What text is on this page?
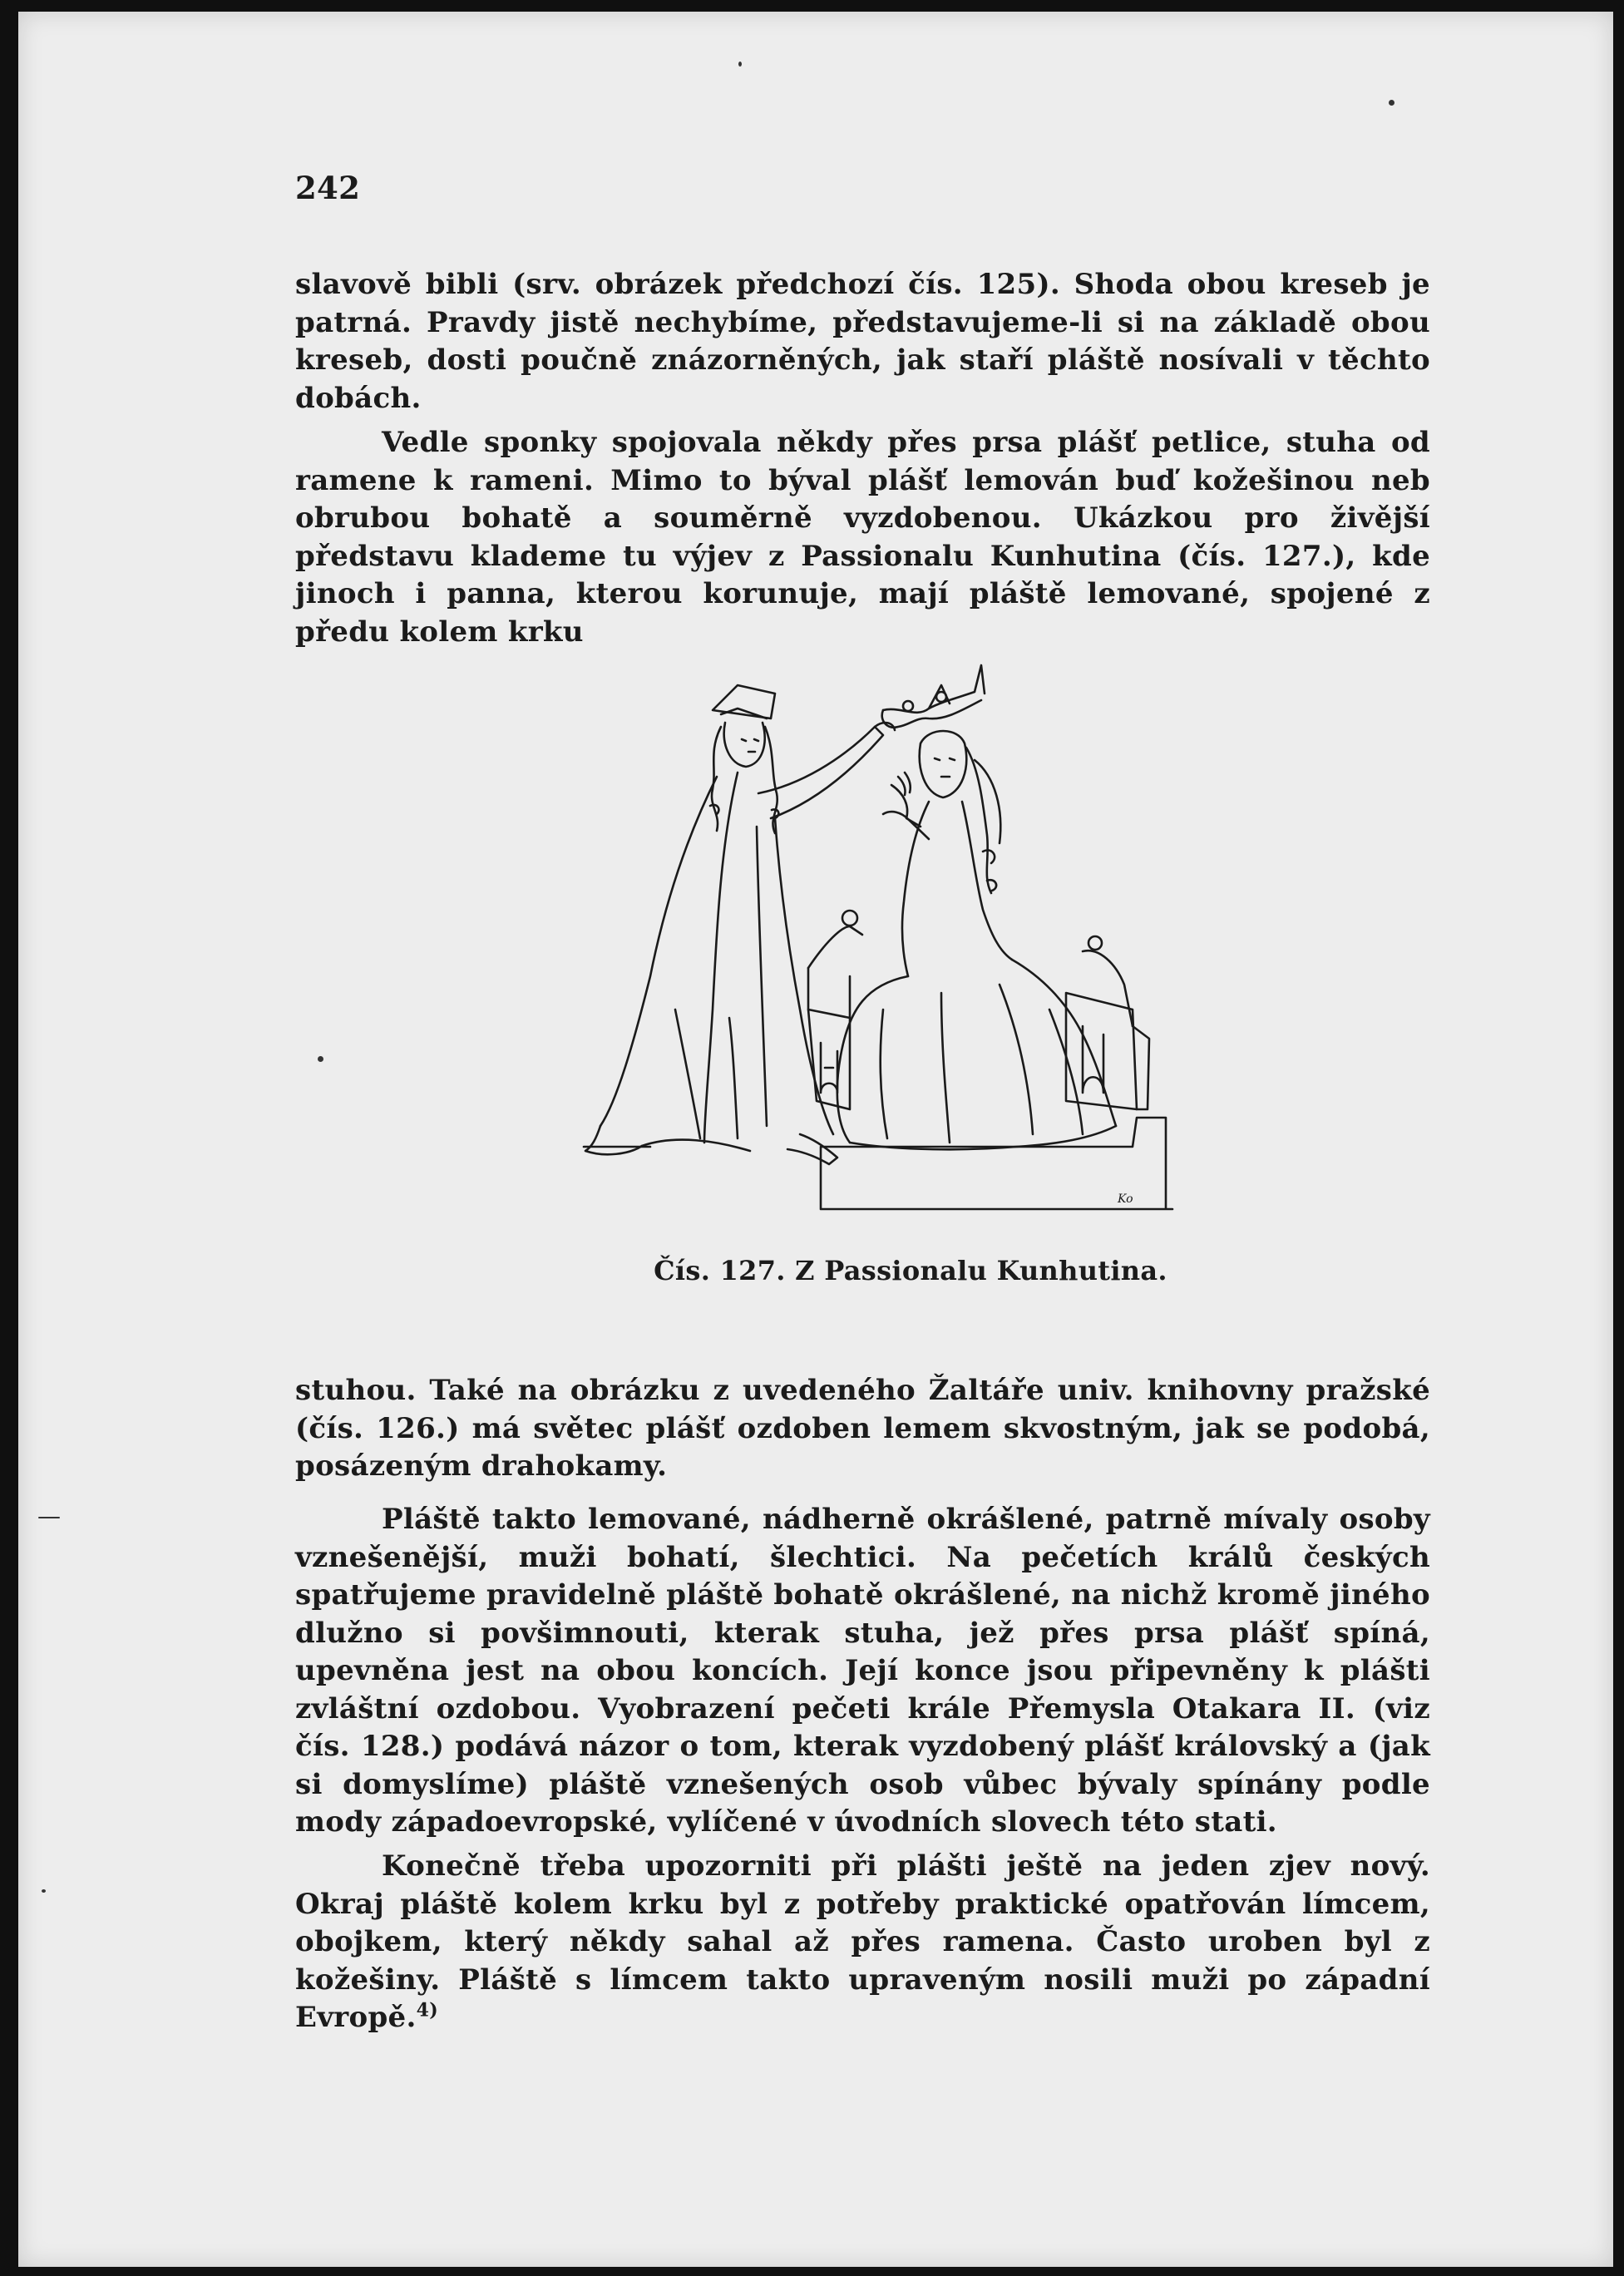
242

slavově bibli (srv. obrázek předchozí čís. 125). Shoda obou kreseb je patrná. Pravdy jistě nechybíme, představujeme-li si na základě obou kreseb, dosti poučně znázorněných, jak staří pláště nosívali v těchto dobách.

Vedle sponky spojovala někdy přes prsa plášť petlice, stuha od ramene k rameni. Mimo to býval plášť lemován buď kožešinou neb obrubou bohatě a souměrně vyzdobenou. Ukázkou pro živější představu klademe tu výjev z Passionalu Kunhutina (čís. 127.), kde jinoch i panna, kterou korunuje, mají pláště lemované, spojené z předu kolem krku

Ko
Čís. 127. Z Passionalu Kunhutina.

stuhou. Také na obrázku z uvedeného Žaltáře univ. knihovny pražské (čís. 126.) má světec plášť ozdoben lemem skvostným, jak se podobá, posázeným drahokamy.

Pláště takto lemované, nádherně okrášlené, patrně mívaly osoby vznešenější, muži bohatí, šlechtici. Na pečetích králů českých spatřujeme pravidelně pláště bohatě okrášlené, na nichž kromě jiného dlužno si povšimnouti, kterak stuha, jež přes prsa plášť spíná, upevněna jest na obou koncích. Její konce jsou připevněny k plášti zvláštní ozdobou. Vyobrazení pečeti krále Přemysla Otakara II. (viz čís. 128.) podává názor o tom, kterak vyzdobený plášť královský a (jak si domyslíme) pláště vznešených osob vůbec bývaly spínány podle mody západoevropské, vylíčené v úvodních slovech této stati.

Konečně třeba upozorniti při plášti ještě na jeden zjev nový. Okraj pláště kolem krku byl z potřeby praktické opatřován límcem, obojkem, který někdy sahal až přes ramena. Často uroben byl z kožešiny. Pláště s límcem takto upraveným nosili muži po západní Evropě.$^{4)}$
